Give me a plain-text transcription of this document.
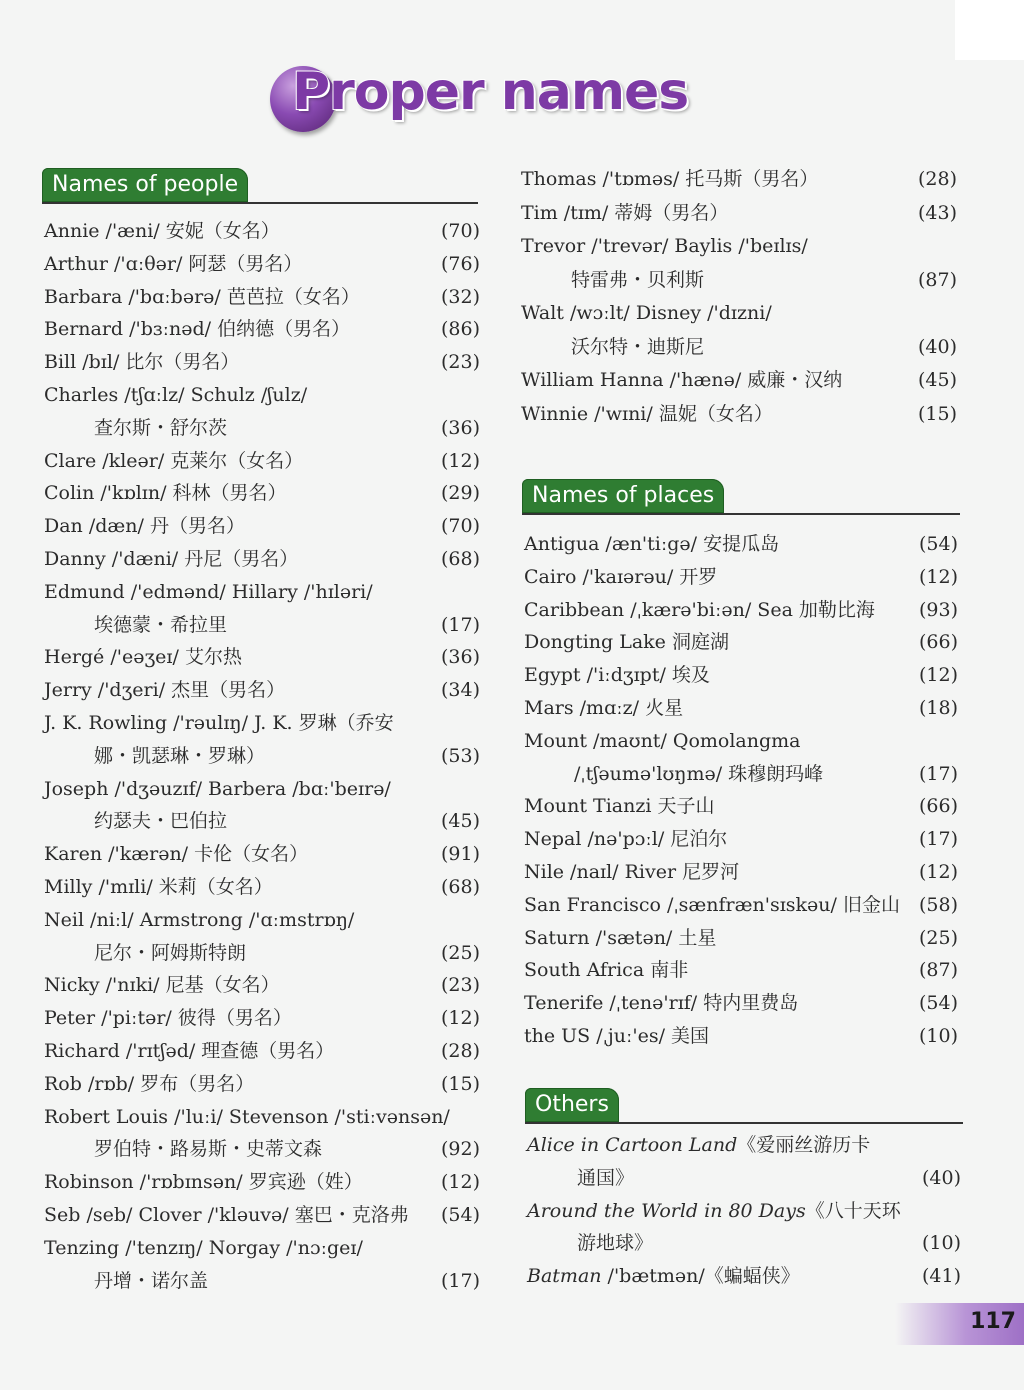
Proper names
Names of people
Annie /'æni/ 安妮（女名）	(70)
Arthur /'ɑːθər/ 阿瑟（男名）	(76)
Barbara /'bɑːbərə/ 芭芭拉（女名）	(32)
Bernard /'bɜːnəd/ 伯纳德（男名）	(86)
Bill /bɪl/ 比尔（男名）	(23)
Charles /tʃɑːlz/ Schulz /ʃulz/
查尔斯・舒尔茨	(36)
Clare /kleər/ 克莱尔（女名）	(12)
Colin /'kɒlɪn/ 科林（男名）	(29)
Dan /dæn/ 丹（男名）	(70)
Danny /'dæni/ 丹尼（男名）	(68)
Edmund /'edmənd/ Hillary /'hɪləri/
埃德蒙・希拉里	(17)
Hergé /'eəʒeɪ/ 艾尔热	(36)
Jerry /'dʒeri/ 杰里（男名）	(34)
J. K. Rowling /'rəulɪŋ/ J. K. 罗琳（乔安
娜・凯瑟琳・罗琳）	(53)
Joseph /'dʒəuzɪf/ Barbera /bɑː'beɪrə/
约瑟夫・巴伯拉	(45)
Karen /'kærən/ 卡伦（女名）	(91)
Milly /'mɪli/ 米莉（女名）	(68)
Neil /niːl/ Armstrong /'ɑːmstrɒŋ/
尼尔・阿姆斯特朗	(25)
Nicky /'nɪki/ 尼基（女名）	(23)
Peter /'piːtər/ 彼得（男名）	(12)
Richard /'rɪtʃəd/ 理查德（男名）	(28)
Rob /rɒb/ 罗布（男名）	(15)
Robert Louis /'luːi/ Stevenson /'stiːvənsən/
罗伯特・路易斯・史蒂文森	(92)
Robinson /'rɒbɪnsən/ 罗宾逊（姓）	(12)
Seb /seb/ Clover /'kləuvə/ 塞巴・克洛弗 (54)
Tenzing /'tenzɪŋ/ Norgay /'nɔːgeɪ/
丹增・诺尔盖	(17)
Thomas /'tɒməs/ 托马斯（男名）	(28)
Tim /tɪm/ 蒂姆（男名）	(43)
Trevor /'trevər/ Baylis /'beɪlɪs/
特雷弗・贝利斯	(87)
Walt /wɔːlt/ Disney /'dɪzni/
沃尔特・迪斯尼	(40)
William Hanna /'hænə/ 威廉・汉纳	(45)
Winnie /'wɪni/ 温妮（女名）	(15)
Names of places
Antigua /æn'tiːgə/ 安提瓜岛	(54)
Cairo /'kaɪərəu/ 开罗	(12)
Caribbean /ˌkærə'biːən/ Sea 加勒比海 (93)
Dongting Lake 洞庭湖	(66)
Egypt /'iːdʒɪpt/ 埃及	(12)
Mars /mɑːz/ 火星	(18)
Mount /maʊnt/ Qomolangma
/ˌtʃəumə'lʊŋmə/ 珠穆朗玛峰	(17)
Mount Tianzi 天子山	(66)
Nepal /nə'pɔːl/ 尼泊尔	(17)
Nile /naɪl/ River 尼罗河	(12)
San Francisco /ˌsænfræn'sɪskəu/ 旧金山 (58)
Saturn /'sætən/ 土星	(25)
South Africa 南非	(87)
Tenerife /ˌtenə'rɪf/ 特内里费岛	(54)
the US /ˌjuː'es/ 美国	(10)
Others
Alice in Cartoon Land《爱丽丝游历卡
通国》	(40)
Around the World in 80 Days《八十天环
游地球》	(10)
Batman /'bætmən/《蝙蝠侠》	(41)
117
